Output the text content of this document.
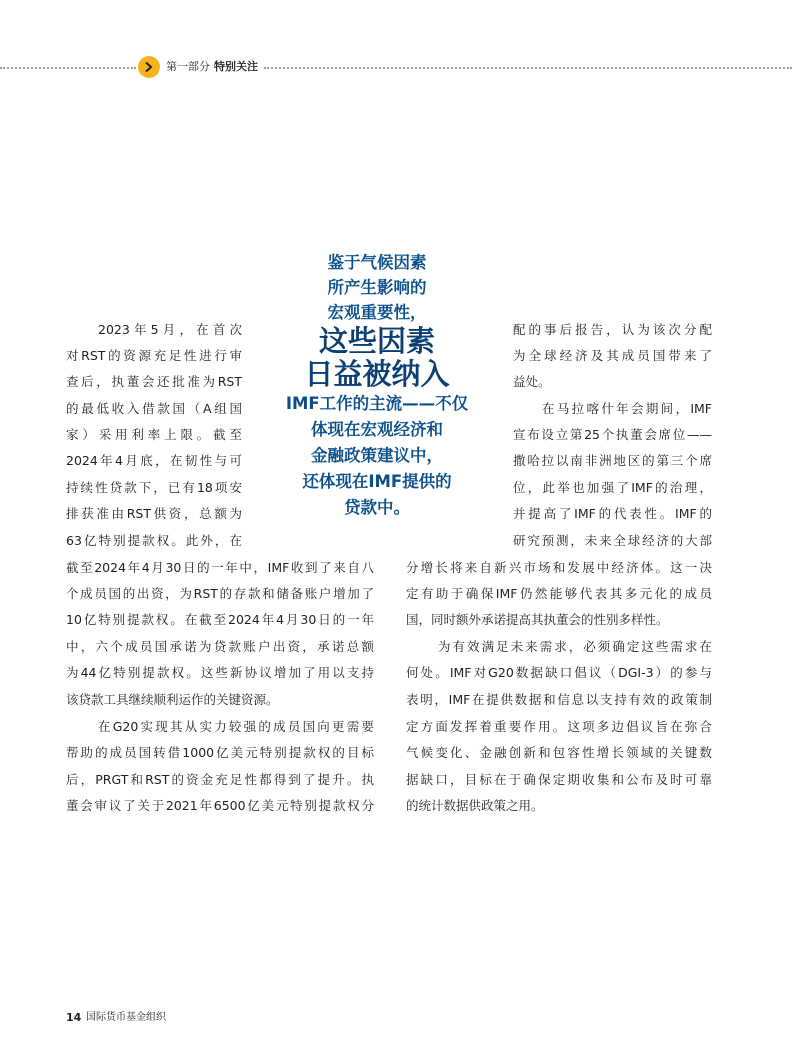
第一部分 特别关注
2023年5月，在首次
对RST的资源充足性进行审
查后，执董会还批准为RST
的最低收入借款国（A组国
家）采用利率上限。截至
2024年4月底，在韧性与可
持续性贷款下，已有18项安
排获准由RST供资，总额为
63亿特别提款权。此外，在
截至2024年4月30日的一年中，IMF收到了来自八
个成员国的出资，为RST的存款和储备账户增加了
10亿特别提款权。在截至2024年4月30日的一年
中，六个成员国承诺为贷款账户出资，承诺总额
为44亿特别提款权。这些新协议增加了用以支持
该贷款工具继续顺利运作的关键资源。
在G20实现其从实力较强的成员国向更需要
帮助的成员国转借1000亿美元特别提款权的目标
后，PRGT和RST的资金充足性都得到了提升。执
董会审议了关于2021年6500亿美元特别提款权分
配的事后报告，认为该次分配
为全球经济及其成员国带来了
益处。
在马拉喀什年会期间，IMF
宣布设立第25个执董会席位——
撒哈拉以南非洲地区的第三个席
位，此举也加强了IMF的治理，
并提高了IMF的代表性。IMF的
研究预测，未来全球经济的大部
分增长将来自新兴市场和发展中经济体。这一决
定有助于确保IMF仍然能够代表其多元化的成员
国，同时额外承诺提高其执董会的性别多样性。
为有效满足未来需求，必须确定这些需求在
何处。IMF对G20数据缺口倡议（DGI-3）的参与
表明，IMF在提供数据和信息以支持有效的政策制
定方面发挥着重要作用。这项多边倡议旨在弥合
气候变化、金融创新和包容性增长领域的关键数
据缺口，目标在于确保定期收集和公布及时可靠
的统计数据供政策之用。
鉴于气候因素
所产生影响的
宏观重要性，
这些因素
日益被纳入
IMF工作的主流——不仅
体现在宏观经济和
金融政策建议中，
还体现在IMF提供的
贷款中。
14 国际货币基金组织
